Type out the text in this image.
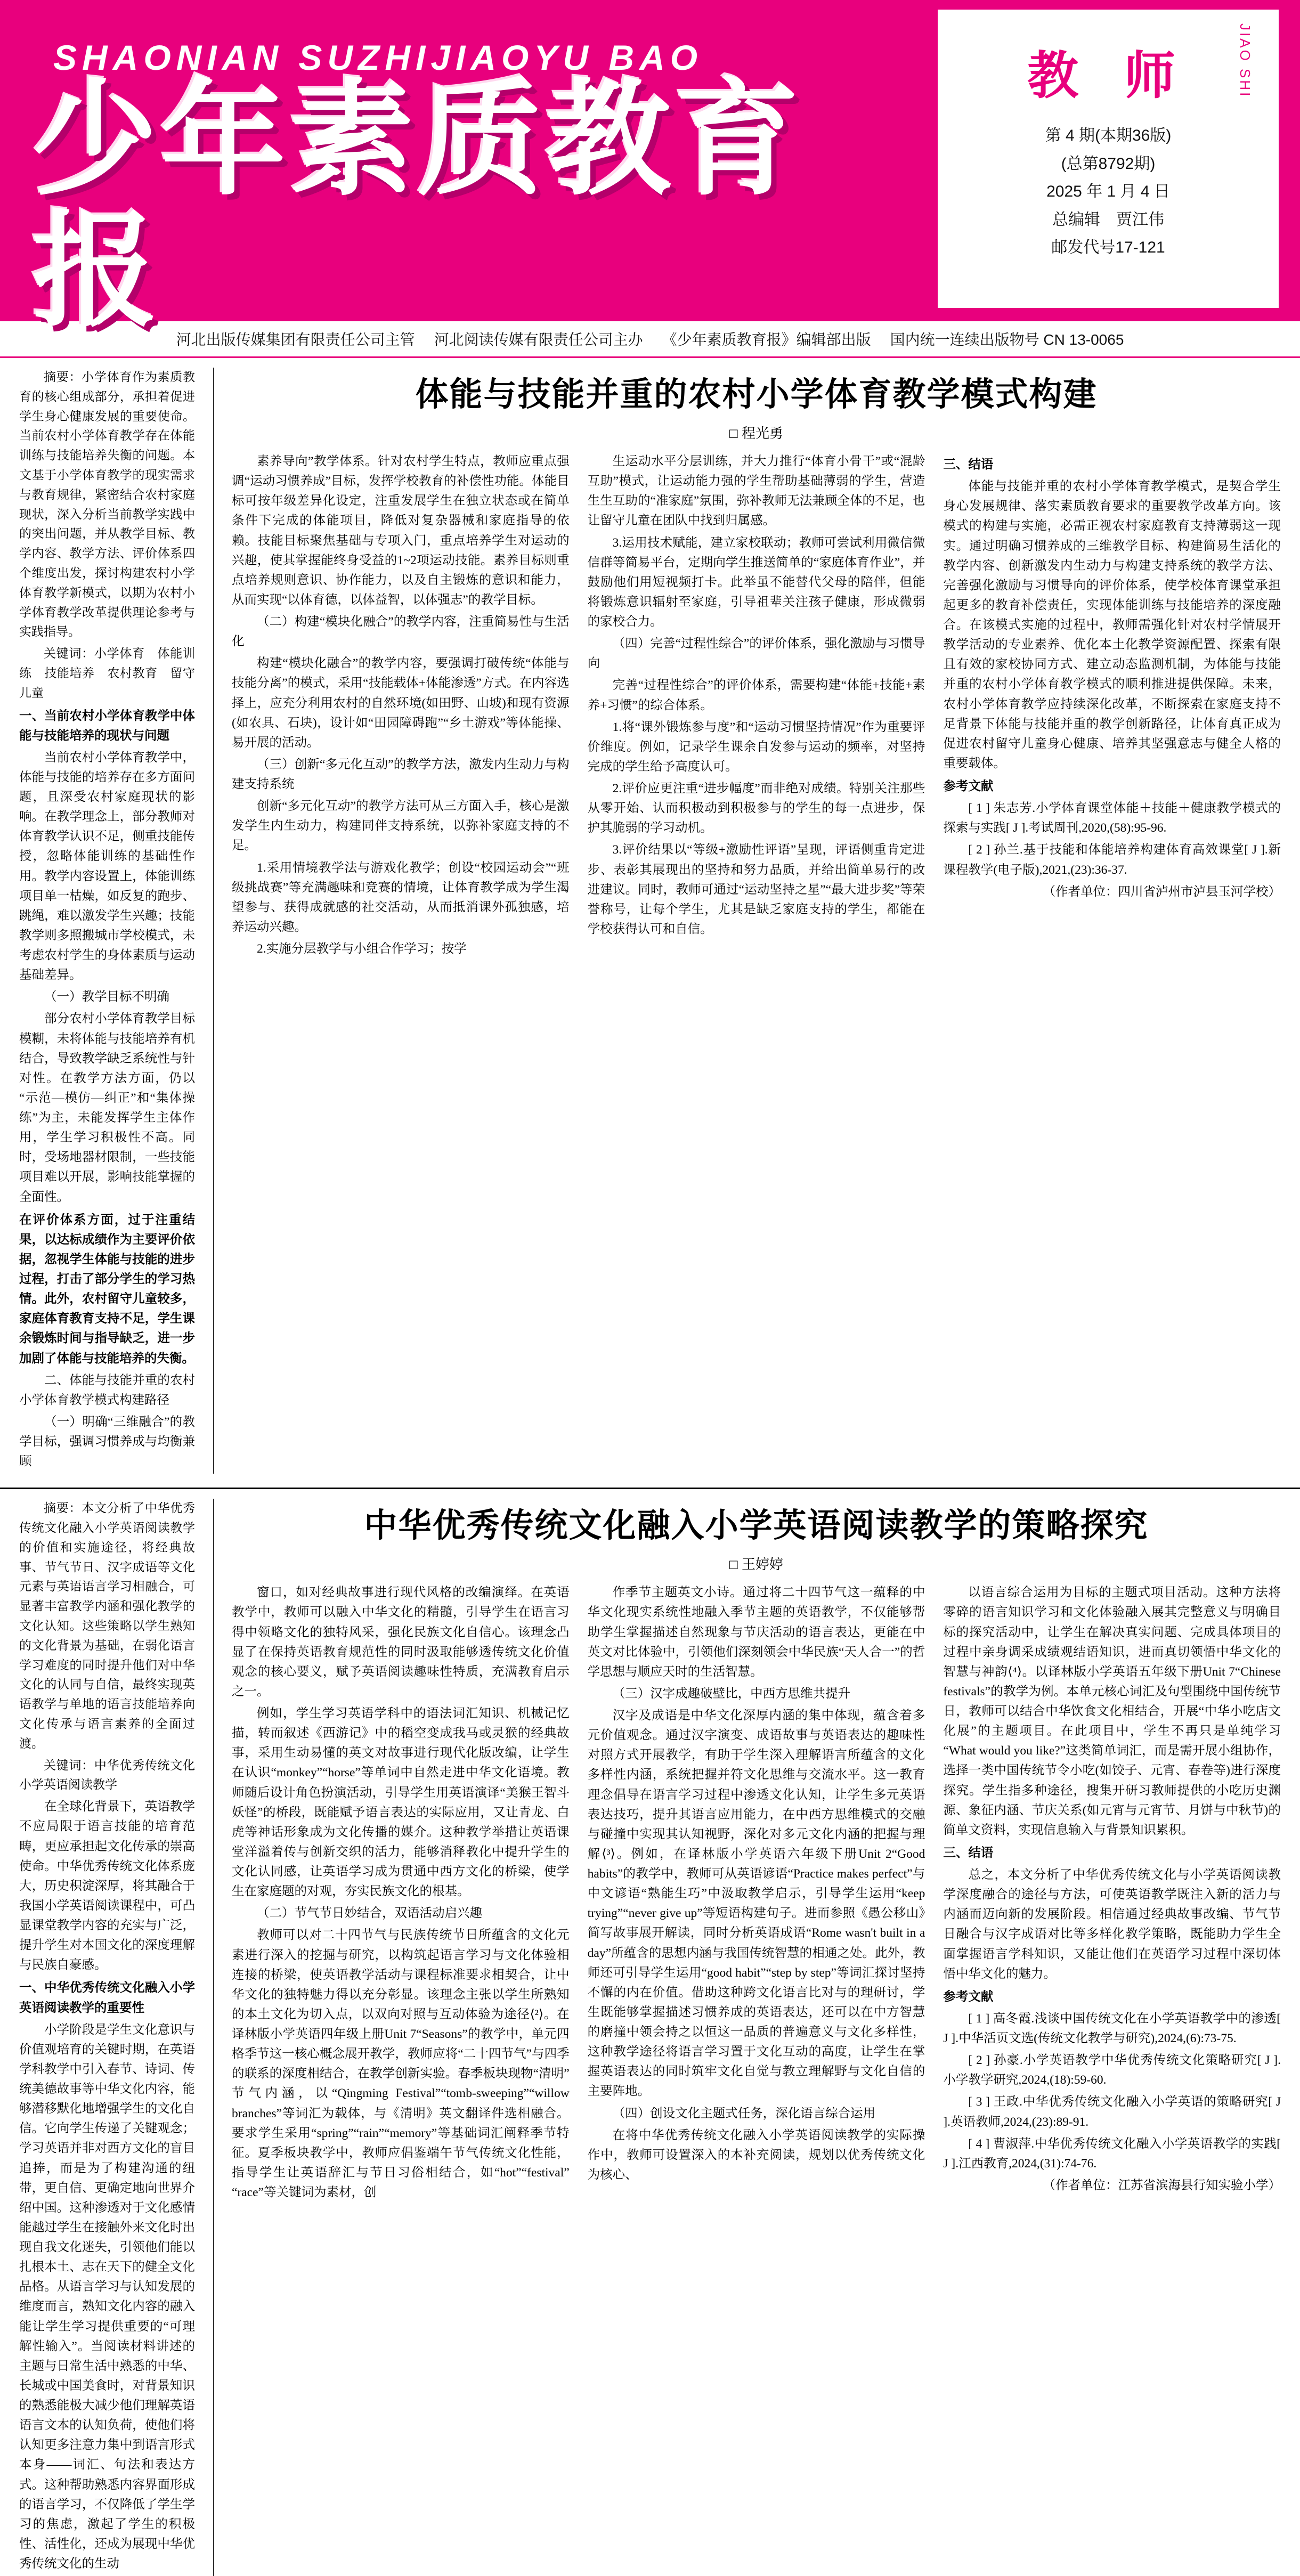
SHAONIAN SUZHIJIAOYU BAO
少年素质教育报
教 师	JIAO SHI
第 4 期(本期36版)
(总第8792期)
2025 年 1 月 4 日
总编辑　贾江伟
邮发代号17-121
河北出版传媒集团有限责任公司主管 河北阅读传媒有限责任公司主办 《少年素质教育报》编辑部出版 国内统一连续出版物号 CN 13-0065

摘要：小学体育作为素质教育的核心组成部分，承担着促进学生身心健康发展的重要使命。当前农村小学体育教学存在体能训练与技能培养失衡的问题。本文基于小学体育教学的现实需求与教育规律，紧密结合农村家庭现状，深入分析当前教学实践中的突出问题，并从教学目标、教学内容、教学方法、评价体系四个维度出发，探讨构建农村小学体育教学新模式，以期为农村小学体育教学改革提供理论参考与实践指导。

关键词：小学体育　体能训练　技能培养　农村教育　留守儿童

一、当前农村小学体育教学中体能与技能培养的现状与问题

当前农村小学体育教学中，体能与技能的培养存在多方面问题，且深受农村家庭现状的影响。在教学理念上，部分教师对体育教学认识不足，侧重技能传授，忽略体能训练的基础性作用。教学内容设置上，体能训练项目单一枯燥，如反复的跑步、跳绳，难以激发学生兴趣；技能教学则多照搬城市学校模式，未考虑农村学生的身体素质与运动基础差异。

（一）教学目标不明确

部分农村小学体育教学目标模糊，未将体能与技能培养有机结合，导致教学缺乏系统性与针对性。在教学方法方面，仍以“示范—模仿—纠正”和“集体操练”为主，未能发挥学生主体作用，学生学习积极性不高。同时，受场地器材限制，一些技能项目难以开展，影响技能掌握的全面性。

在评价体系方面，过于注重结果，以达标成绩作为主要评价依据，忽视学生体能与技能的进步过程，打击了部分学生的学习热情。此外，农村留守儿童较多，家庭体育教育支持不足，学生课余锻炼时间与指导缺乏，进一步加剧了体能与技能培养的失衡。

二、体能与技能并重的农村小学体育教学模式构建路径

（一）明确“三维融合”的教学目标，强调习惯养成与均衡兼顾

体能与技能并重的农村小学体育教学模式构建
□ 程光勇

素养导向”教学体系。针对农村学生特点，教师应重点强调“运动习惯养成”目标，发挥学校教育的补偿性功能。体能目标可按年级差异化设定，注重发展学生在独立状态或在简单条件下完成的体能项目，降低对复杂器械和家庭指导的依赖。技能目标聚焦基础与专项入门，重点培养学生对运动的兴趣，使其掌握能终身受益的1~2项运动技能。素养目标则重点培养规则意识、协作能力，以及自主锻炼的意识和能力，从而实现“以体育德，以体益智，以体强志”的教学目标。

（二）构建“模块化融合”的教学内容，注重简易性与生活化

构建“模块化融合”的教学内容，要强调打破传统“体能与技能分离”的模式，采用“技能载体+体能渗透”方式。在内容选择上，应充分利用农村的自然环境(如田野、山坡)和现有资源(如农具、石块)，设计如“田园障碍跑”“乡土游戏”等体能操、易开展的活动。

（三）创新“多元化互动”的教学方法，激发内生动力与构建支持系统

创新“多元化互动”的教学方法可从三方面入手，核心是激发学生内生动力，构建同伴支持系统，以弥补家庭支持的不足。

1.采用情境教学法与游戏化教学；创设“校园运动会”“班级挑战赛”等充满趣味和竞赛的情境，让体育教学成为学生渴望参与、获得成就感的社交活动，从而抵消课外孤独感，培养运动兴趣。

2.实施分层教学与小组合作学习；按学

生运动水平分层训练，并大力推行“体育小骨干”或“混龄互助”模式，让运动能力强的学生帮助基础薄弱的学生，营造生生互助的“准家庭”氛围，弥补教师无法兼顾全体的不足，也让留守儿童在团队中找到归属感。

3.运用技术赋能，建立家校联动；教师可尝试利用微信微信群等简易平台，定期向学生推送简单的“家庭体育作业”，并鼓励他们用短视频打卡。此举虽不能替代父母的陪伴，但能将锻炼意识辐射至家庭，引导祖辈关注孩子健康，形成微弱的家校合力。

（四）完善“过程性综合”的评价体系，强化激励与习惯导向

完善“过程性综合”的评价体系，需要构建“体能+技能+素养+习惯”的综合体系。

1.将“课外锻炼参与度”和“运动习惯坚持情况”作为重要评价维度。例如，记录学生课余自发参与运动的频率，对坚持完成的学生给予高度认可。

2.评价应更注重“进步幅度”而非绝对成绩。特别关注那些从零开始、认而积极动到积极参与的学生的每一点进步，保护其脆弱的学习动机。

3.评价结果以“等级+激励性评语”呈现，评语侧重肯定进步、表彰其展现出的坚持和努力品质，并给出简单易行的改进建议。同时，教师可通过“运动坚持之星”“最大进步奖”等荣誉称号，让每个学生，尤其是缺乏家庭支持的学生，都能在学校获得认可和自信。

三、结语

体能与技能并重的农村小学体育教学模式，是契合学生身心发展规律、落实素质教育要求的重要教学改革方向。该模式的构建与实施，必需正视农村家庭教育支持薄弱这一现实。通过明确习惯养成的三维教学目标、构建简易生活化的教学内容、创新激发内生动力与构建支持系统的教学方法、完善强化激励与习惯导向的评价体系，使学校体育课堂承担起更多的教育补偿责任，实现体能训练与技能培养的深度融合。在该模式实施的过程中，教师需强化针对农村学情展开教学活动的专业素养、优化本土化教学资源配置、探索有限且有效的家校协同方式、建立动态监测机制，为体能与技能并重的农村小学体育教学模式的顺利推进提供保障。未来，农村小学体育教学应持续深化改革，不断探索在家庭支持不足背景下体能与技能并重的教学创新路径，让体育真正成为促进农村留守儿童身心健康、培养其坚强意志与健全人格的重要载体。

参考文献

[ 1 ] 朱志芳.小学体育课堂体能＋技能＋健康教学模式的探索与实践[ J ].考试周刊,2020,(58):95-96.

[ 2 ] 孙兰.基于技能和体能培养构建体育高效课堂[ J ].新课程教学(电子版),2021,(23):36-37.

（作者单位：四川省泸州市泸县玉河学校）

摘要：本文分析了中华优秀传统文化融入小学英语阅读教学的价值和实施途径，将经典故事、节气节日、汉字成语等文化元素与英语语言学习相融合，可显著丰富教学内涵和强化教学的文化认知。这些策略以学生熟知的文化背景为基础，在弱化语言学习难度的同时提升他们对中华文化的认同与自信，最终实现英语教学与单地的语言技能培养向文化传承与语言素养的全面过渡。

关键词：中华优秀传统文化　小学英语阅读教学

在全球化背景下，英语教学不应局限于语言技能的培育范畴，更应承担起文化传承的崇高使命。中华优秀传统文化体系庞大，历史积淀深厚，将其融合于我国小学英语阅读课程中，可凸显课堂教学内容的充实与广泛，提升学生对本国文化的深度理解与民族自豪感。

一、中华优秀传统文化融入小学英语阅读教学的重要性

小学阶段是学生文化意识与价值观培育的关键时期，在英语学科教学中引入春节、诗词、传统美德故事等中华文化内容，能够潜移默化地增强学生的文化自信。它向学生传递了关键观念；学习英语并非对西方文化的盲目追捧，而是为了构建沟通的纽带，更自信、更确定地向世界介绍中国。这种渗透对于文化感情能越过学生在接触外来文化时出现自我文化迷失，引领他们能以扎根本土、志在天下的健全文化品格。从语言学习与认知发展的维度而言，熟知文化内容的融入能让学生学习提供重要的“可理解性输入”。当阅读材料讲述的主题与日常生活中熟悉的中华、长城或中国美食时，对背景知识的熟悉能极大减少他们理解英语语言文本的认知负荷，使他们将认知更多注意力集中到语言形式本身——词汇、句法和表达方式。这种帮助熟悉内容界面形成的语言学习，不仅降低了学生学习的焦虑，激起了学生的积极性、活性化，还成为展现中华优秀传统文化的生动

中华优秀传统文化融入小学英语阅读教学的策略探究
□ 王婷婷

窗口，如对经典故事进行现代风格的改编演绎。在英语教学中，教师可以融入中华文化的精髓，引导学生在语言习得中领略文化的独特风采，强化民族文化自信心。该理念凸显了在保持英语教育规范性的同时汲取能够透传统文化价值观念的核心要义，赋予英语阅读趣味性特质，充满教育启示之一。

例如，学生学习英语学科中的语法词汇知识、机械记忆描，转而叙述《西游记》中的稻空变成我马或灵猴的经典故事，采用生动易懂的英文对故事进行现代化版改编，让学生在认识“monkey”“horse”等单词中自然走进中华文化语境。教师随后设计角色扮演活动，引导学生用英语演译“美猴王智斗妖怪”的桥段，既能赋予语言表达的实际应用，又让青龙、白虎等神话形象成为文化传播的媒介。这种教学举措让英语课堂洋溢着传与创新交织的活力，能够消释教化中提升学生的文化认同感，让英语学习成为贯通中西方文化的桥梁，使学生在家庭题的对观，夯实民族文化的根基。

（二）节气节日妙结合，双语活动启兴趣

教师可以对二十四节气与民族传统节日所蕴含的文化元素进行深入的挖掘与研究，以构筑起语言学习与文化体验相连接的桥梁，使英语教学活动与课程标准要求相契合，让中华文化的独特魅力得以充分彰显。该理念主张以学生所熟知的本土文化为切入点，以双向对照与互动体验为途径⟨²⟩。在译林版小学英语四年级上册Unit 7“Seasons”的教学中，单元四格季节这一核心概念展开教学，教师应将“二十四节气”与四季的联系的深度相结合，在教学创新实验。春季板块现物“清明”节气内涵，以“Qingming Festival”“tomb-sweeping”“willow branches”等词汇为载体，与《清明》英文翻译件选相融合。要求学生采用“spring”“rain”“memory”等基础词汇阐释季节特征。夏季板块教学中，教师应倡鉴端午节气传统文化性能，指导学生让英语辞汇与节日习俗相结合，如“hot”“festival”“race”等关键词为素材，创

作季节主题英文小诗。通过将二十四节气这一蕴释的中华文化现实系统性地融入季节主题的英语教学，不仅能够帮助学生掌握描述自然现象与节庆活动的语言表达，更能在中英文对比体验中，引领他们深刻领会中华民族“天人合一”的哲学思想与顺应天时的生活智慧。

（三）汉字成趣破壁比，中西方思维共提升

汉字及成语是中华文化深厚内涵的集中体现，蕴含着多元价值观念。通过汉字演变、成语故事与英语表达的趣味性对照方式开展教学，有助于学生深入理解语言所蕴含的文化多样性内涵，系统把握并符文化思维与交流水平。这一教育理念倡导在语言学习过程中渗透文化认知，让学生多元英语表达技巧，提升其语言应用能力，在中西方思维模式的交融与碰撞中实现其认知视野，深化对多元文化内涵的把握与理解⟨³⟩。例如，在译林版小学英语六年级下册Unit 2“Good habits”的教学中，教师可从英语谚语“Practice makes perfect”与中文谚语“熟能生巧”中汲取教学启示，引导学生运用“keep trying”“never give up”等短语构建句子。进而参照《愚公移山》简写故事展开解读，同时分析英语成语“Rome wasn't built in a day”所蕴含的思想内涵与我国传统智慧的相通之处。此外，教师还可引导学生运用“good habit”“step by step”等词汇探讨坚持不懈的内在价值。借助这种跨文化语言比对与的理研讨，学生既能够掌握描述习惯养成的英语表达，还可以在中方智慧的磨撞中领会持之以恒这一品质的普遍意义与文化多样性，这种教学途径将语言学习置于文化互动的高度，让学生在掌握英语表达的同时筑牢文化自觉与教立理解野与文化自信的主要阵地。

（四）创设文化主题式任务，深化语言综合运用

在将中华优秀传统文化融入小学英语阅读教学的实际操作中，教师可设置深入的本补充阅读，规划以优秀传统文化为核心、

以语言综合运用为目标的主题式项目活动。这种方法将零碎的语言知识学习和文化体验融入展其完整意义与明确目标的探究活动中，让学生在解决真实问题、完成具体项目的过程中亲身调采成绩观结语知识，进而真切领悟中华文化的智慧与神韵⟨⁴⟩。以译林版小学英语五年级下册Unit 7“Chinese festivals”的教学为例。本单元核心词汇及句型围绕中国传统节日，教师可以结合中华饮食文化相结合，开展“中华小吃店文化展”的主题项目。在此项目中，学生不再只是单纯学习“What would you like?”这类简单词汇，而是需开展小组协作，选择一类中国传统节令小吃(如饺子、元宵、春卷等)进行深度探究。学生指多种途径，搜集开研习教师提供的小吃历史渊源、象征内涵、节庆关系(如元宵与元宵节、月饼与中秋节)的简单文资料，实现信息输入与背景知识累积。

三、结语

总之，本文分析了中华优秀传统文化与小学英语阅读教学深度融合的途径与方法，可使英语教学既注入新的活力与内涵而迈向新的发展阶段。相信通过经典故事改编、节气节日融合与汉字成语对比等多样化教学策略，既能助力学生全面掌握语言学科知识，又能让他们在英语学习过程中深切体悟中华文化的魅力。

参考文献

[ 1 ] 高冬霞.浅谈中国传统文化在小学英语教学中的渗透[ J ].中华活页文选(传统文化教学与研究),2024,(6):73-75.

[ 2 ] 孙豪.小学英语教学中华优秀传统文化策略研究[ J ].小学教学研究,2024,(18):59-60.

[ 3 ] 王政.中华优秀传统文化融入小学英语的策略研究[ J ].英语教师,2024,(23):89-91.

[ 4 ] 曹淑萍.中华优秀传统文化融入小学英语教学的实践[ J ].江西教育,2024,(31):74-76.

（作者单位：江苏省滨海县行知实验小学）
